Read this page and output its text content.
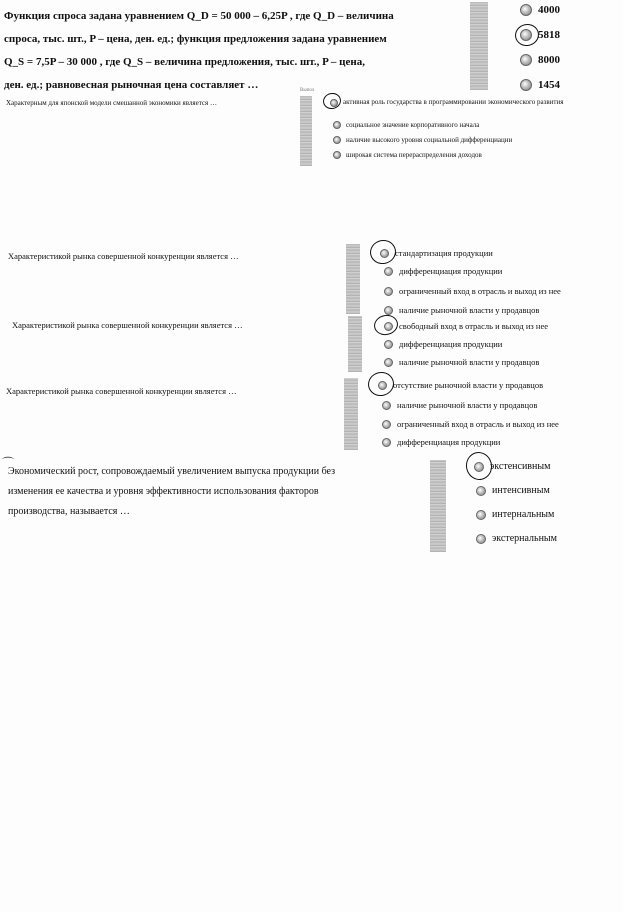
Функция спроса задана уравнением Q_D = 50 000 – 6,25P , где Q_D – величина
спроса, тыс. шт., P – цена, ден. ед.; функция предложения задана уравнением
Q_S = 7,5P – 30 000 , где Q_S – величина предложения, тыс. шт., P – цена,
ден. ед.; равновесная рыночная цена составляет …
4000
5818
8000
1454
Характерным для японской модели смешанной экономики является …
Выпол
активная роль государства в программировании экономического развития
социальное значение корпоративного начала
наличие высокого уровня социальной дифференциации
широкая система перераспределения доходов
Характеристикой рынка совершенной конкуренции является …	стандартизация продукции
дифференциация продукции
ограниченный вход в отрасль и выход из нее
наличие рыночной власти у продавцов
Характеристикой рынка совершенной конкуренции является …	свободный вход в отрасль и выход из нее
дифференциация продукции
наличие рыночной власти у продавцов
Характеристикой рынка совершенной конкуренции является …
отсутствие рыночной власти у продавцов
наличие рыночной власти у продавцов
ограниченный вход в отрасль и выход из нее
дифференциация продукции
⌒
Экономический рост, сопровождаемый увеличением выпуска продукции без
изменения ее качества и уровня эффективности использования факторов
производства, называется …
экстенсивным
интенсивным
интернальным
экстернальным
